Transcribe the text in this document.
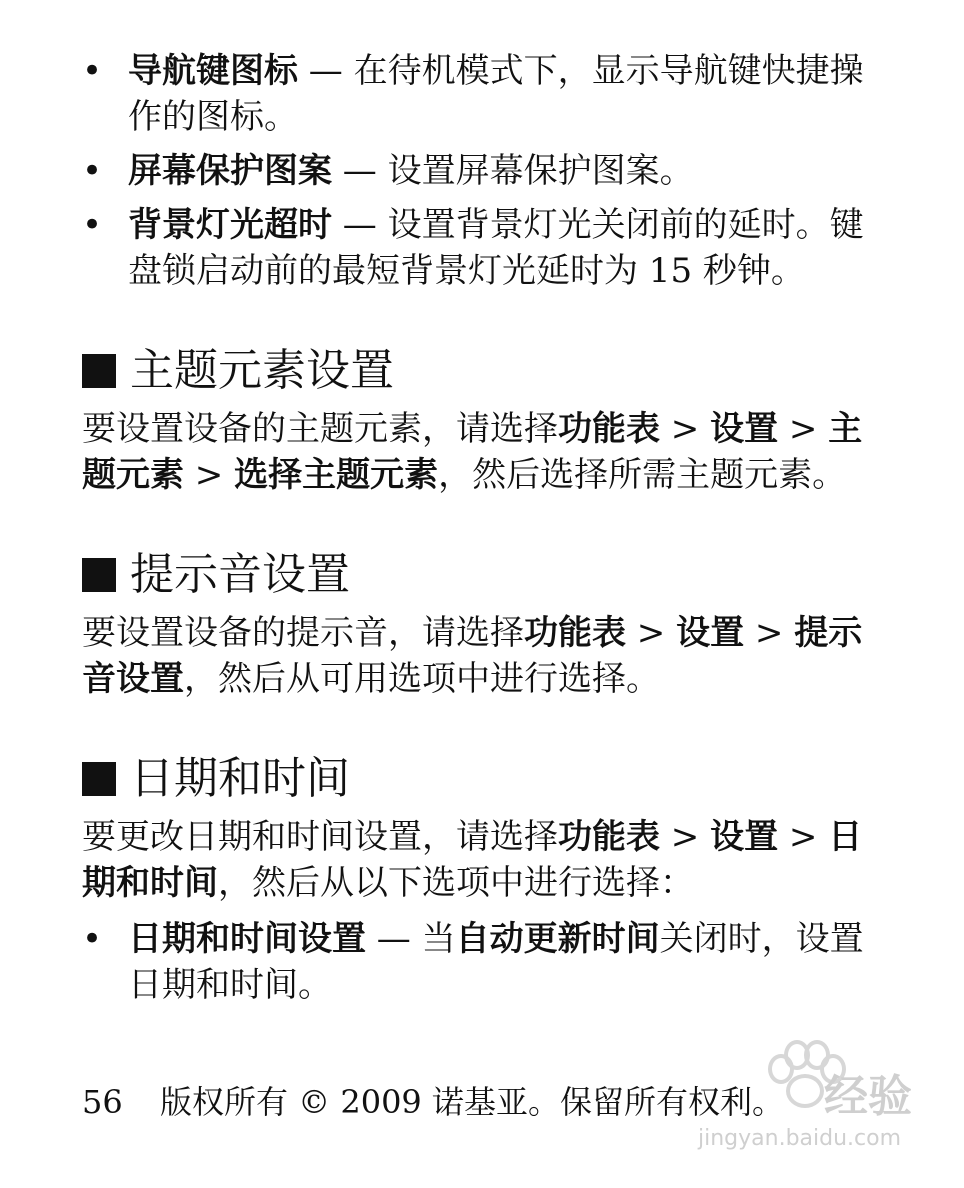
• 导航键图标 — 在待机模式下，显示导航键快捷操作的图标。
• 屏幕保护图案 — 设置屏幕保护图案。
• 背景灯光超时 — 设置背景灯光关闭前的延时。键盘锁启动前的最短背景灯光延时为 15 秒钟。
主题元素设置

要设置设备的主题元素，请选择功能表 > 设置 > 主题元素 > 选择主题元素，然后选择所需主题元素。

提示音设置

要设置设备的提示音，请选择功能表 > 设置 > 提示音设置，然后从可用选项中进行选择。

日期和时间

要更改日期和时间设置，请选择功能表 > 设置 > 日期和时间，然后从以下选项中进行选择：

• 日期和时间设置 — 当自动更新时间关闭时，设置日期和时间。
56	版权所有 © 2009 诺基亚。保留所有权利。 经验
jingyan.baidu.com
